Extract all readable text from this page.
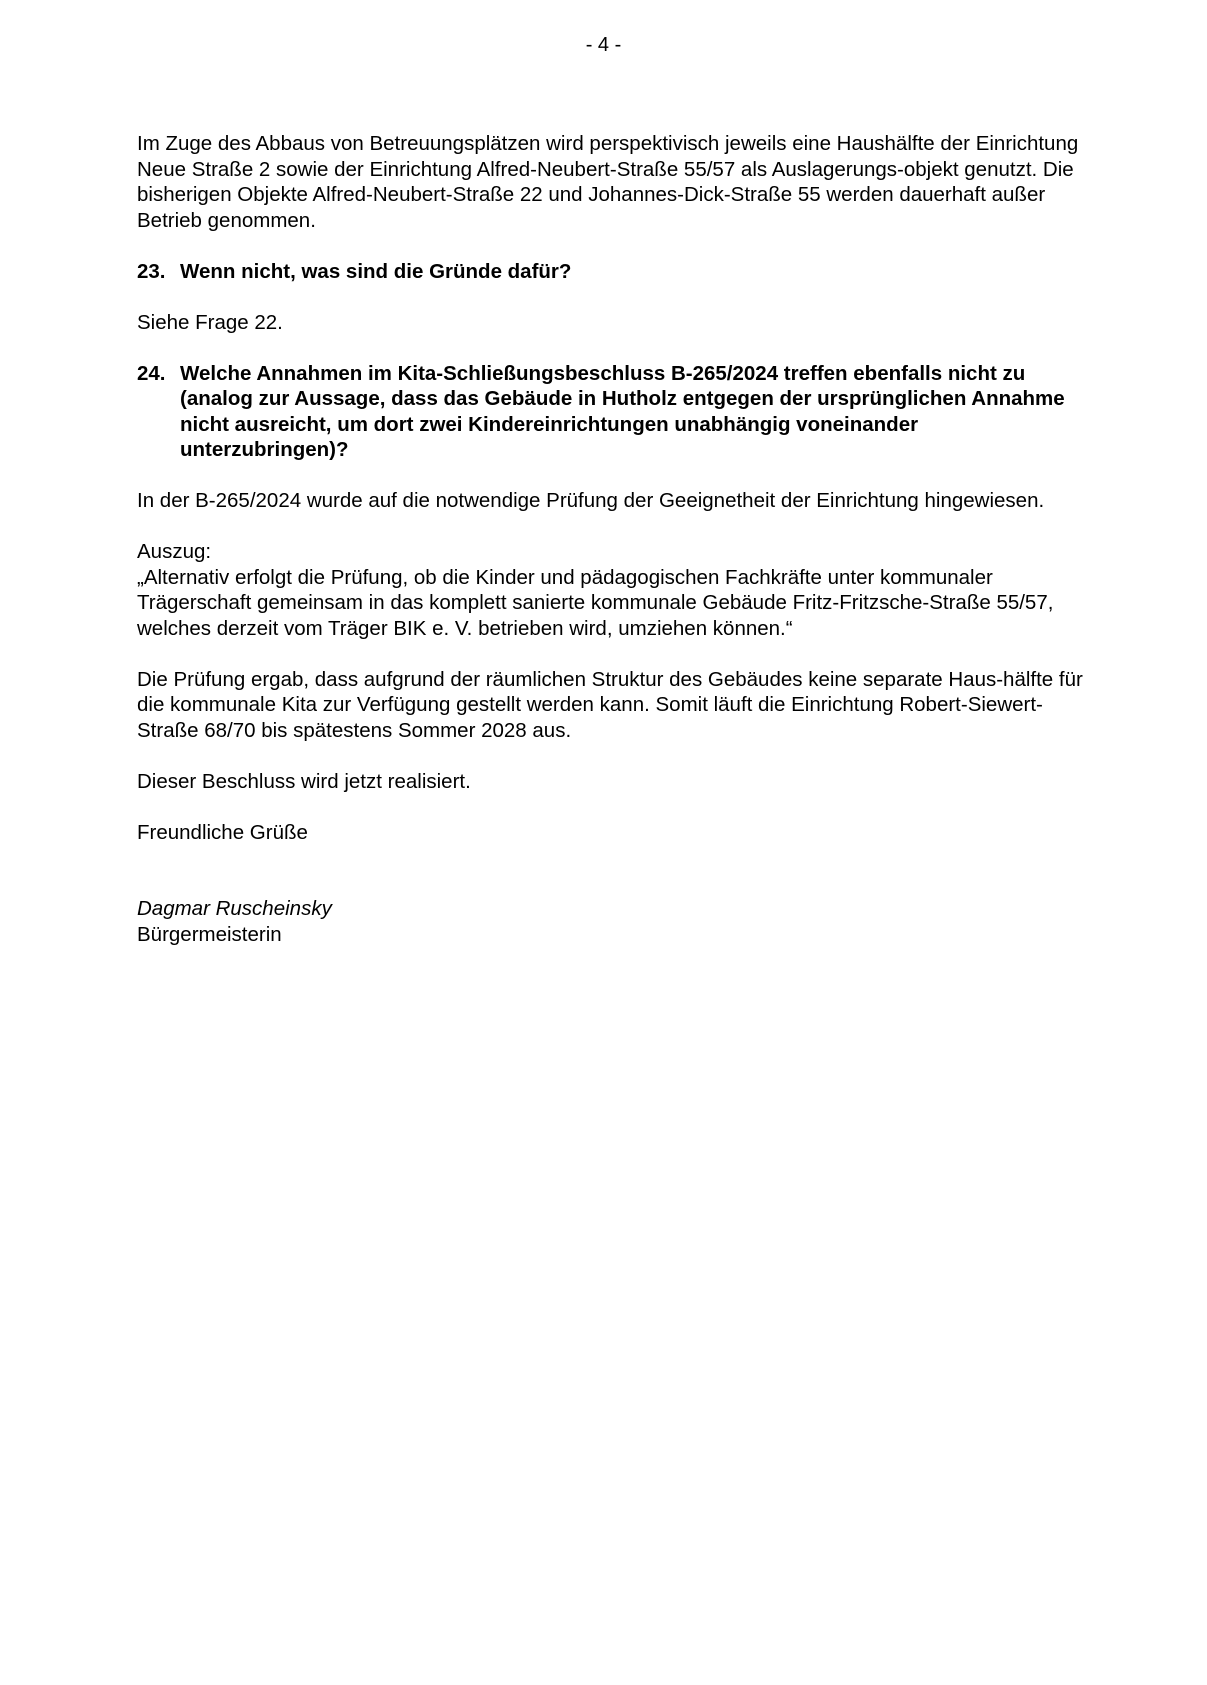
- 4 -

Im Zuge des Abbaus von Betreuungsplätzen wird perspektivisch jeweils eine Haushälfte der Einrichtung Neue Straße 2 sowie der Einrichtung Alfred-Neubert-Straße 55/57 als Auslagerungs-objekt genutzt. Die bisherigen Objekte Alfred-Neubert-Straße 22 und Johannes-Dick-Straße 55 werden dauerhaft außer Betrieb genommen.

23. Wenn nicht, was sind die Gründe dafür?

Siehe Frage 22.

24. Welche Annahmen im Kita-Schließungsbeschluss B-265/2024 treffen ebenfalls nicht zu (analog zur Aussage, dass das Gebäude in Hutholz entgegen der ursprünglichen Annahme nicht ausreicht, um dort zwei Kindereinrichtungen unabhängig voneinander unterzubringen)?

In der B-265/2024 wurde auf die notwendige Prüfung der Geeignetheit der Einrichtung hingewiesen.

Auszug:

„Alternativ erfolgt die Prüfung, ob die Kinder und pädagogischen Fachkräfte unter kommunaler Trägerschaft gemeinsam in das komplett sanierte kommunale Gebäude Fritz-Fritzsche-Straße 55/57, welches derzeit vom Träger BIK e. V. betrieben wird, umziehen können.“

Die Prüfung ergab, dass aufgrund der räumlichen Struktur des Gebäudes keine separate Haus-hälfte für die kommunale Kita zur Verfügung gestellt werden kann. Somit läuft die Einrichtung Robert-Siewert-Straße 68/70 bis spätestens Sommer 2028 aus.

Dieser Beschluss wird jetzt realisiert.

Freundliche Grüße

Dagmar Ruscheinsky

Bürgermeisterin
